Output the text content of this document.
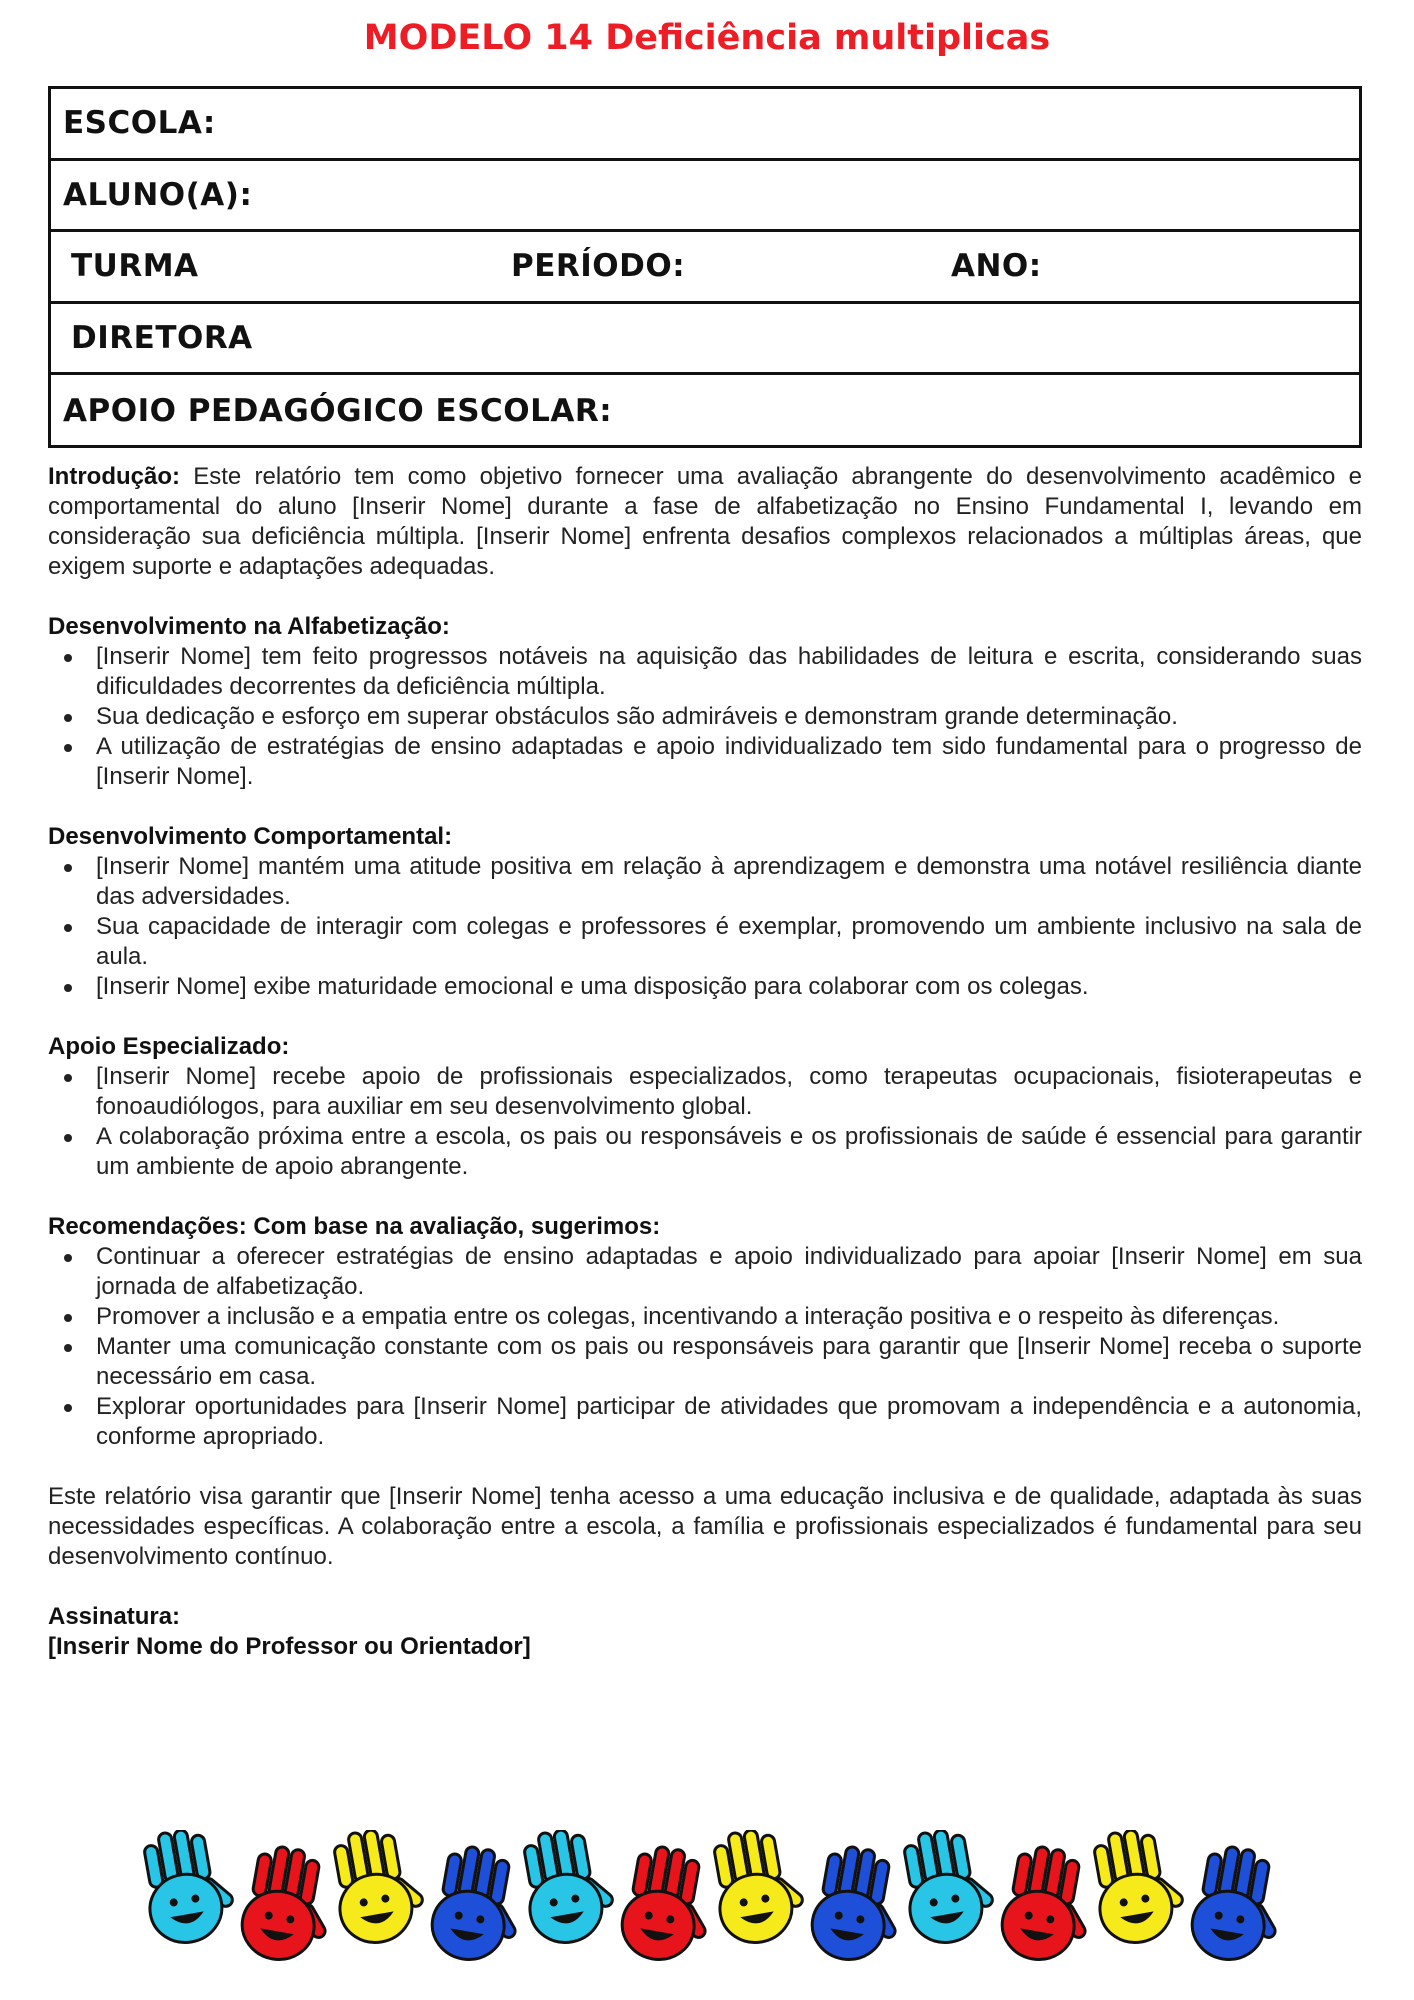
MODELO 14 Deficiência multiplicas
ESCOLA:
ALUNO(A):
TURMA	PERÍODO:	ANO:
DIRETORA
APOIO PEDAGÓGICO ESCOLAR:

Introdução: Este relatório tem como objetivo fornecer uma avaliação abrangente do desenvolvimento acadêmico e comportamental do aluno [Inserir Nome] durante a fase de alfabetização no Ensino Fundamental I, levando em consideração sua deficiência múltipla. [Inserir Nome] enfrenta desafios complexos relacionados a múltiplas áreas, que exigem suporte e adaptações adequadas.

Desenvolvimento na Alfabetização:
[Inserir Nome] tem feito progressos notáveis na aquisição das habilidades de leitura e escrita, considerando suas dificuldades decorrentes da deficiência múltipla.
Sua dedicação e esforço em superar obstáculos são admiráveis e demonstram grande determinação.
A utilização de estratégias de ensino adaptadas e apoio individualizado tem sido fundamental para o progresso de [Inserir Nome].
Desenvolvimento Comportamental:
[Inserir Nome] mantém uma atitude positiva em relação à aprendizagem e demonstra uma notável resiliência diante das adversidades.
Sua capacidade de interagir com colegas e professores é exemplar, promovendo um ambiente inclusivo na sala de aula.
[Inserir Nome] exibe maturidade emocional e uma disposição para colaborar com os colegas.
Apoio Especializado:
[Inserir Nome] recebe apoio de profissionais especializados, como terapeutas ocupacionais, fisioterapeutas e fonoaudiólogos, para auxiliar em seu desenvolvimento global.
A colaboração próxima entre a escola, os pais ou responsáveis e os profissionais de saúde é essencial para garantir um ambiente de apoio abrangente.
Recomendações: Com base na avaliação, sugerimos:
Continuar a oferecer estratégias de ensino adaptadas e apoio individualizado para apoiar [Inserir Nome] em sua jornada de alfabetização.
Promover a inclusão e a empatia entre os colegas, incentivando a interação positiva e o respeito às diferenças.
Manter uma comunicação constante com os pais ou responsáveis para garantir que [Inserir Nome] receba o suporte necessário em casa.
Explorar oportunidades para [Inserir Nome] participar de atividades que promovam a independência e a autonomia, conforme apropriado.

Este relatório visa garantir que [Inserir Nome] tenha acesso a uma educação inclusiva e de qualidade, adaptada às suas necessidades específicas. A colaboração entre a escola, a família e profissionais especializados é fundamental para seu desenvolvimento contínuo.

Assinatura:
[Inserir Nome do Professor ou Orientador]
